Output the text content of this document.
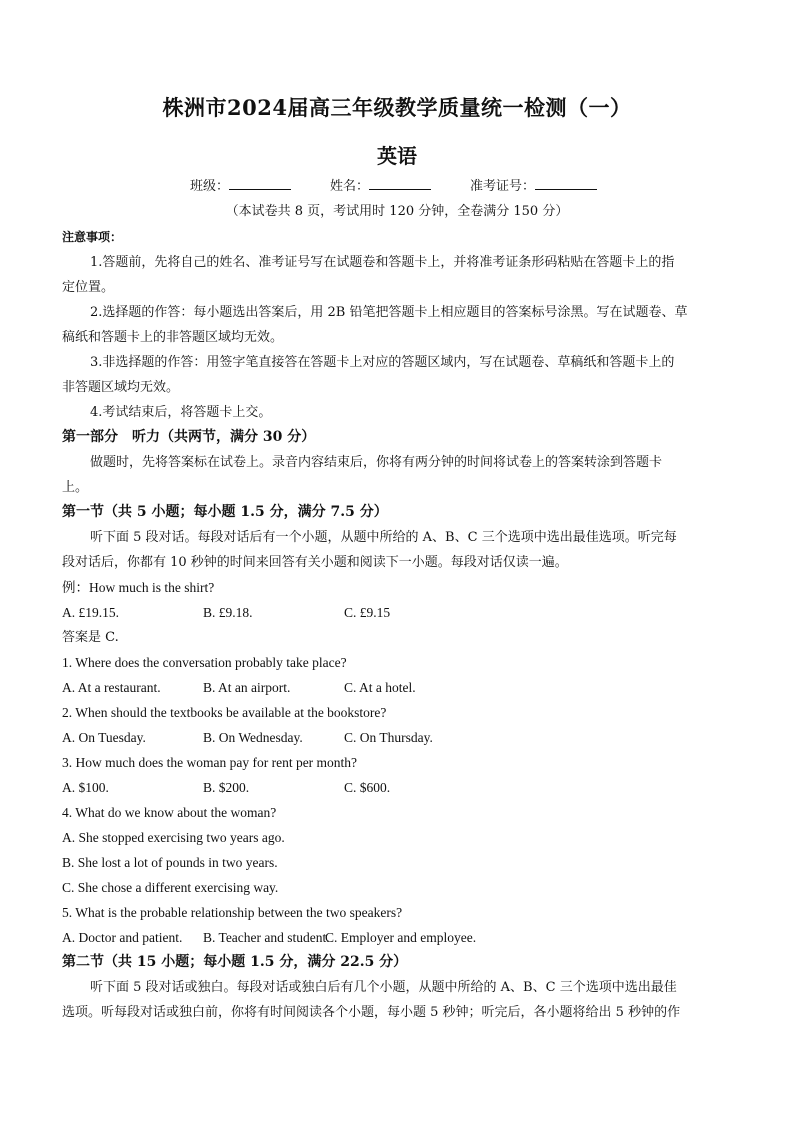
株洲市2024届高三年级教学质量统一检测（一）
英语
班级：	姓名：	准考证号：
（本试卷共 8 页，考试用时 120 分钟，全卷满分 150 分）
注意事项：
1.答题前，先将自己的姓名、准考证号写在试题卷和答题卡上，并将准考证条形码粘贴在答题卡上的指
定位置。
2.选择题的作答：每小题选出答案后，用 2B 铅笔把答题卡上相应题目的答案标号涂黑。写在试题卷、草
稿纸和答题卡上的非答题区域均无效。
3.非选择题的作答：用签字笔直接答在答题卡上对应的答题区域内，写在试题卷、草稿纸和答题卡上的
非答题区域均无效。
4.考试结束后，将答题卡上交。
第一部分　听力（共两节，满分 30 分）
做题时，先将答案标在试卷上。录音内容结束后，你将有两分钟的时间将试卷上的答案转涂到答题卡
上。
第一节（共 5 小题；每小题 1.5 分，满分 7.5 分）
听下面 5 段对话。每段对话后有一个小题，从题中所给的 A、B、C 三个选项中选出最佳选项。听完每
段对话后，你都有 10 秒钟的时间来回答有关小题和阅读下一小题。每段对话仅读一遍。
例：How much is the shirt?
A. £19.15.	B. £9.18.	C. £9.15
答案是 C.
1. Where does the conversation probably take place?
A. At a restaurant.	B. At an airport.	C. At a hotel.
2. When should the textbooks be available at the bookstore?
A. On Tuesday.	B. On Wednesday.	C. On Thursday.
3. How much does the woman pay for rent per month?
A. $100.	B. $200.	C. $600.
4. What do we know about the woman?
A. She stopped exercising two years ago.
B. She lost a lot of pounds in two years.
C. She chose a different exercising way.
5. What is the probable relationship between the two speakers?
A. Doctor and patient. B. Teacher and student.C. Employer and employee.
第二节（共 15 小题；每小题 1.5 分，满分 22.5 分）
听下面 5 段对话或独白。每段对话或独白后有几个小题，从题中所给的 A、B、C 三个选项中选出最佳
选项。听每段对话或独白前，你将有时间阅读各个小题，每小题 5 秒钟；听完后，各小题将给出 5 秒钟的作
